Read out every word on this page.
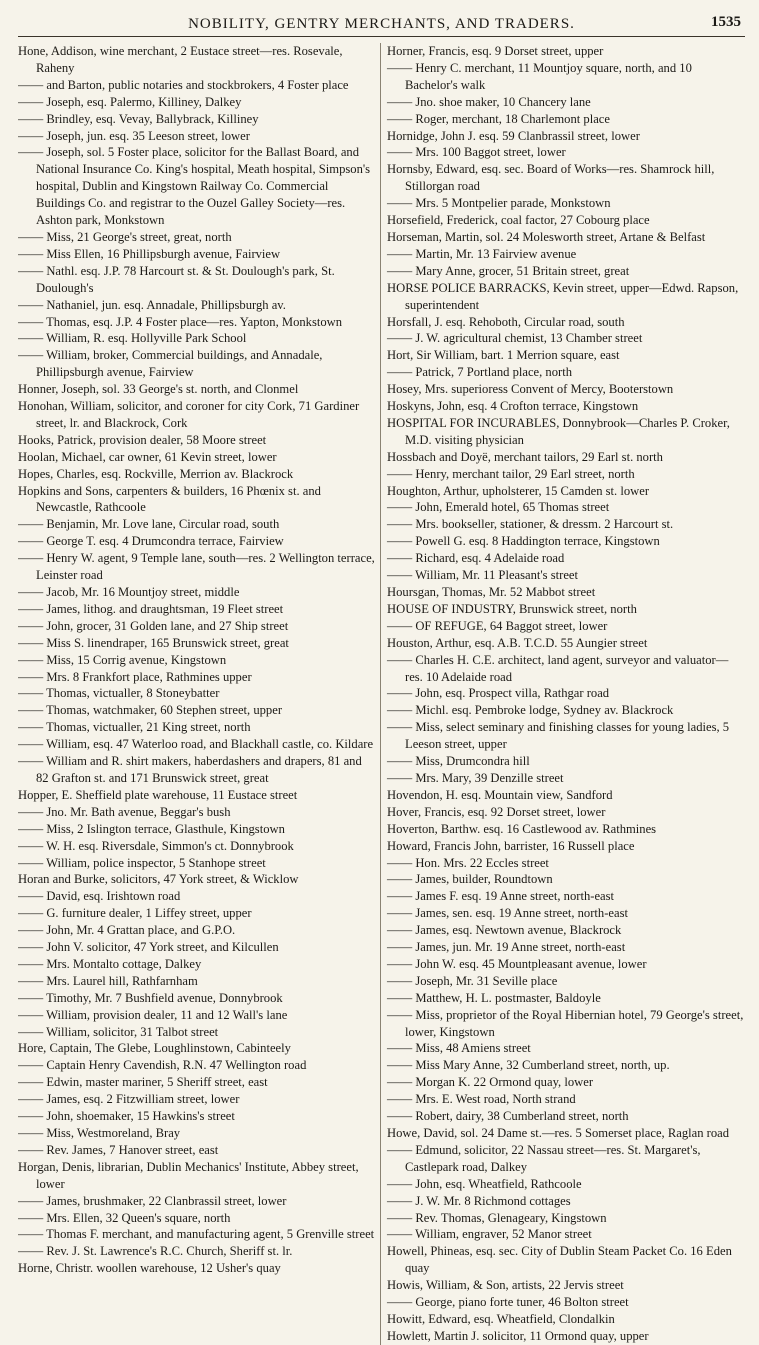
NOBILITY, GENTRY MERCHANTS, AND TRADERS.	1535

Hone, Addison, wine merchant, 2 Eustace street—res. Rosevale, Raheny

—— and Barton, public notaries and stockbrokers, 4 Foster place

—— Joseph, esq. Palermo, Killiney, Dalkey

—— Brindley, esq. Vevay, Ballybrack, Killiney

—— Joseph, jun. esq. 35 Leeson street, lower

—— Joseph, sol. 5 Foster place, solicitor for the Ballast Board, and National Insurance Co. King's hospital, Meath hospital, Simpson's hospital, Dublin and Kingstown Railway Co. Commercial Buildings Co. and registrar to the Ouzel Galley Society—res. Ashton park, Monkstown

—— Miss, 21 George's street, great, north

—— Miss Ellen, 16 Phillipsburgh avenue, Fairview

—— Nathl. esq. J.P. 78 Harcourt st. & St. Doulough's park, St. Doulough's

—— Nathaniel, jun. esq. Annadale, Phillipsburgh av.

—— Thomas, esq. J.P. 4 Foster place—res. Yapton, Monkstown

—— William, R. esq. Hollyville Park School

—— William, broker, Commercial buildings, and Annadale, Phillipsburgh avenue, Fairview

Honner, Joseph, sol. 33 George's st. north, and Clonmel

Honohan, William, solicitor, and coroner for city Cork, 71 Gardiner street, lr. and Blackrock, Cork

Hooks, Patrick, provision dealer, 58 Moore street

Hoolan, Michael, car owner, 61 Kevin street, lower

Hopes, Charles, esq. Rockville, Merrion av. Blackrock

Hopkins and Sons, carpenters & builders, 16 Phœnix st. and Newcastle, Rathcoole

—— Benjamin, Mr. Love lane, Circular road, south

—— George T. esq. 4 Drumcondra terrace, Fairview

—— Henry W. agent, 9 Temple lane, south—res. 2 Wellington terrace, Leinster road

—— Jacob, Mr. 16 Mountjoy street, middle

—— James, lithog. and draughtsman, 19 Fleet street

—— John, grocer, 31 Golden lane, and 27 Ship street

—— Miss S. linendraper, 165 Brunswick street, great

—— Miss, 15 Corrig avenue, Kingstown

—— Mrs. 8 Frankfort place, Rathmines upper

—— Thomas, victualler, 8 Stoneybatter

—— Thomas, watchmaker, 60 Stephen street, upper

—— Thomas, victualler, 21 King street, north

—— William, esq. 47 Waterloo road, and Blackhall castle, co. Kildare

—— William and R. shirt makers, haberdashers and drapers, 81 and 82 Grafton st. and 171 Brunswick street, great

Hopper, E. Sheffield plate warehouse, 11 Eustace street

—— Jno. Mr. Bath avenue, Beggar's bush

—— Miss, 2 Islington terrace, Glasthule, Kingstown

—— W. H. esq. Riversdale, Simmon's ct. Donnybrook

—— William, police inspector, 5 Stanhope street

Horan and Burke, solicitors, 47 York street, & Wicklow

—— David, esq. Irishtown road

—— G. furniture dealer, 1 Liffey street, upper

—— John, Mr. 4 Grattan place, and G.P.O.

—— John V. solicitor, 47 York street, and Kilcullen

—— Mrs. Montalto cottage, Dalkey

—— Mrs. Laurel hill, Rathfarnham

—— Timothy, Mr. 7 Bushfield avenue, Donnybrook

—— William, provision dealer, 11 and 12 Wall's lane

—— William, solicitor, 31 Talbot street

Hore, Captain, The Glebe, Loughlinstown, Cabinteely

—— Captain Henry Cavendish, R.N. 47 Wellington road

—— Edwin, master mariner, 5 Sheriff street, east

—— James, esq. 2 Fitzwilliam street, lower

—— John, shoemaker, 15 Hawkins's street

—— Miss, Westmoreland, Bray

—— Rev. James, 7 Hanover street, east

Horgan, Denis, librarian, Dublin Mechanics' Institute, Abbey street, lower

—— James, brushmaker, 22 Clanbrassil street, lower

—— Mrs. Ellen, 32 Queen's square, north

—— Thomas F. merchant, and manufacturing agent, 5 Grenville street

—— Rev. J. St. Lawrence's R.C. Church, Sheriff st. lr.

Horne, Christr. woollen warehouse, 12 Usher's quay

Horner, Francis, esq. 9 Dorset street, upper

—— Henry C. merchant, 11 Mountjoy square, north, and 10 Bachelor's walk

—— Jno. shoe maker, 10 Chancery lane

—— Roger, merchant, 18 Charlemont place

Hornidge, John J. esq. 59 Clanbrassil street, lower

—— Mrs. 100 Baggot street, lower

Hornsby, Edward, esq. sec. Board of Works—res. Shamrock hill, Stillorgan road

—— Mrs. 5 Montpelier parade, Monkstown

Horsefield, Frederick, coal factor, 27 Cobourg place

Horseman, Martin, sol. 24 Molesworth street, Artane & Belfast

—— Martin, Mr. 13 Fairview avenue

—— Mary Anne, grocer, 51 Britain street, great

HORSE POLICE BARRACKS, Kevin street, upper—Edwd. Rapson, superintendent

Horsfall, J. esq. Rehoboth, Circular road, south

—— J. W. agricultural chemist, 13 Chamber street

Hort, Sir William, bart. 1 Merrion square, east

—— Patrick, 7 Portland place, north

Hosey, Mrs. superioress Convent of Mercy, Booterstown

Hoskyns, John, esq. 4 Crofton terrace, Kingstown

HOSPITAL FOR INCURABLES, Donnybrook—Charles P. Croker, M.D. visiting physician

Hossbach and Doyë, merchant tailors, 29 Earl st. north

—— Henry, merchant tailor, 29 Earl street, north

Houghton, Arthur, upholsterer, 15 Camden st. lower

—— John, Emerald hotel, 65 Thomas street

—— Mrs. bookseller, stationer, & dressm. 2 Harcourt st.

—— Powell G. esq. 8 Haddington terrace, Kingstown

—— Richard, esq. 4 Adelaide road

—— William, Mr. 11 Pleasant's street

Hoursgan, Thomas, Mr. 52 Mabbot street

HOUSE OF INDUSTRY, Brunswick street, north

—— OF REFUGE, 64 Baggot street, lower

Houston, Arthur, esq. A.B. T.C.D. 55 Aungier street

—— Charles H. C.E. architect, land agent, surveyor and valuator—res. 10 Adelaide road

—— John, esq. Prospect villa, Rathgar road

—— Michl. esq. Pembroke lodge, Sydney av. Blackrock

—— Miss, select seminary and finishing classes for young ladies, 5 Leeson street, upper

—— Miss, Drumcondra hill

—— Mrs. Mary, 39 Denzille street

Hovendon, H. esq. Mountain view, Sandford

Hover, Francis, esq. 92 Dorset street, lower

Hoverton, Barthw. esq. 16 Castlewood av. Rathmines

Howard, Francis John, barrister, 16 Russell place

—— Hon. Mrs. 22 Eccles street

—— James, builder, Roundtown

—— James F. esq. 19 Anne street, north-east

—— James, sen. esq. 19 Anne street, north-east

—— James, esq. Newtown avenue, Blackrock

—— James, jun. Mr. 19 Anne street, north-east

—— John W. esq. 45 Mountpleasant avenue, lower

—— Joseph, Mr. 31 Seville place

—— Matthew, H. L. postmaster, Baldoyle

—— Miss, proprietor of the Royal Hibernian hotel, 79 George's street, lower, Kingstown

—— Miss, 48 Amiens street

—— Miss Mary Anne, 32 Cumberland street, north, up.

—— Morgan K. 22 Ormond quay, lower

—— Mrs. E. West road, North strand

—— Robert, dairy, 38 Cumberland street, north

Howe, David, sol. 24 Dame st.—res. 5 Somerset place, Raglan road

—— Edmund, solicitor, 22 Nassau street—res. St. Margaret's, Castlepark road, Dalkey

—— John, esq. Wheatfield, Rathcoole

—— J. W. Mr. 8 Richmond cottages

—— Rev. Thomas, Glenageary, Kingstown

—— William, engraver, 52 Manor street

Howell, Phineas, esq. sec. City of Dublin Steam Packet Co. 16 Eden quay

Howis, William, & Son, artists, 22 Jervis street

—— George, piano forte tuner, 46 Bolton street

Howitt, Edward, esq. Wheatfield, Clondalkin

Howlett, Martin J. solicitor, 11 Ormond quay, upper
